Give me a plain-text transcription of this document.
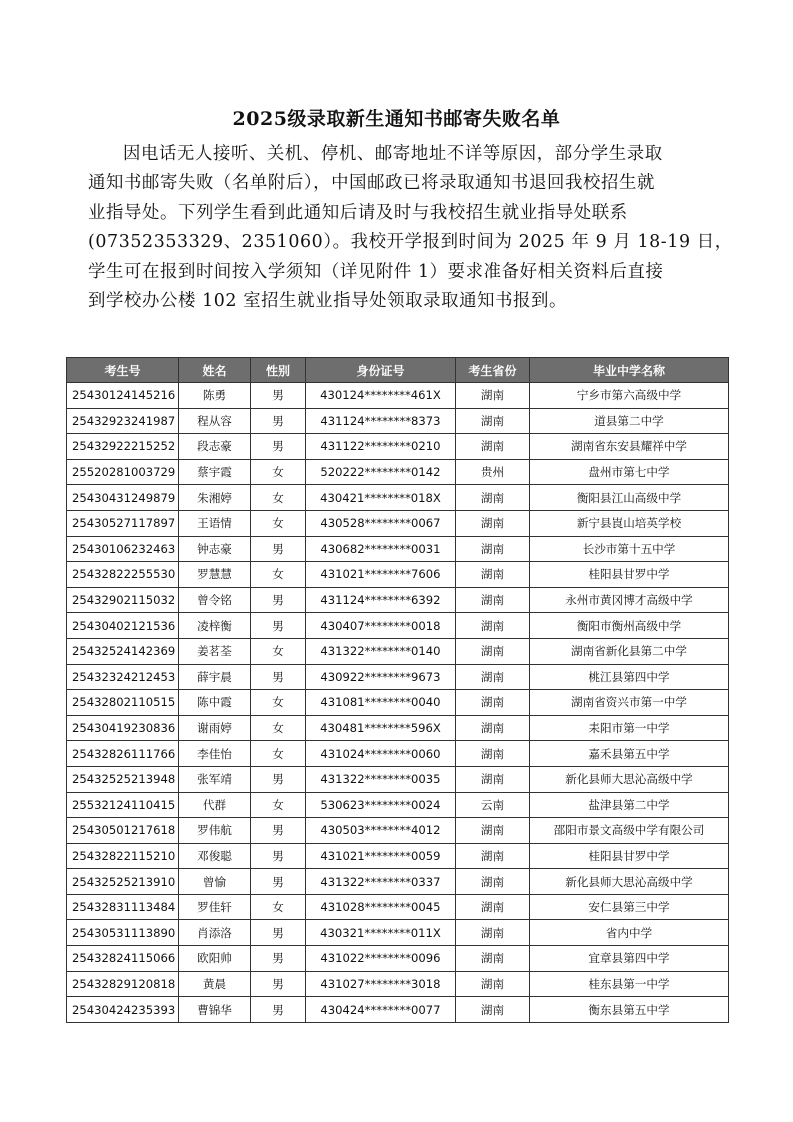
2025级录取新生通知书邮寄失败名单
因电话无人接听、关机、停机、邮寄地址不详等原因，部分学生录取
通知书邮寄失败（名单附后），中国邮政已将录取通知书退回我校招生就
业指导处。下列学生看到此通知后请及时与我校招生就业指导处联系
(07352353329、2351060）。我校开学报到时间为 2025 年 9 月 18-19 日，
学生可在报到时间按入学须知（详见附件 1）要求准备好相关资料后直接
到学校办公楼 102 室招生就业指导处领取录取通知书报到。
考生号	姓名	性别	身份证号	考生省份	毕业中学名称
25430124145216	陈勇	男	430124********461X	湖南	宁乡市第六高级中学
25432923241987	程从容	男	431124********8373	湖南	道县第二中学
25432922215252	段志豪	男	431122********0210	湖南	湖南省东安县耀祥中学
25520281003729	蔡宇霞	女	520222********0142	贵州	盘州市第七中学
25430431249879	朱湘婷	女	430421********018X	湖南	衡阳县江山高级中学
25430527117897	王语情	女	430528********0067	湖南	新宁县崀山培英学校
25430106232463	钟志豪	男	430682********0031	湖南	长沙市第十五中学
25432822255530	罗慧慧	女	431021********7606	湖南	桂阳县甘罗中学
25432902115032	曾令铭	男	431124********6392	湖南	永州市黄冈博才高级中学
25430402121536	凌梓衡	男	430407********0018	湖南	衡阳市衡州高级中学
25432524142369	姜茗荃	女	431322********0140	湖南	湖南省新化县第二中学
25432324212453	薛宇晨	男	430922********9673	湖南	桃江县第四中学
25432802110515	陈中霞	女	431081********0040	湖南	湖南省资兴市第一中学
25430419230836	谢雨婷	女	430481********596X	湖南	耒阳市第一中学
25432826111766	李佳怡	女	431024********0060	湖南	嘉禾县第五中学
25432525213948	张军靖	男	431322********0035	湖南	新化县师大思沁高级中学
25532124110415	代群	女	530623********0024	云南	盐津县第二中学
25430501217618	罗伟航	男	430503********4012	湖南	邵阳市景文高级中学有限公司
25432822115210	邓俊聪	男	431021********0059	湖南	桂阳县甘罗中学
25432525213910	曾愉	男	431322********0337	湖南	新化县师大思沁高级中学
25432831113484	罗佳轩	女	431028********0045	湖南	安仁县第三中学
25430531113890	肖添洛	男	430321********011X	湖南	省内中学
25432824115066	欧阳帅	男	431022********0096	湖南	宜章县第四中学
25432829120818	黄晨	男	431027********3018	湖南	桂东县第一中学
25430424235393	曹锦华	男	430424********0077	湖南	衡东县第五中学
